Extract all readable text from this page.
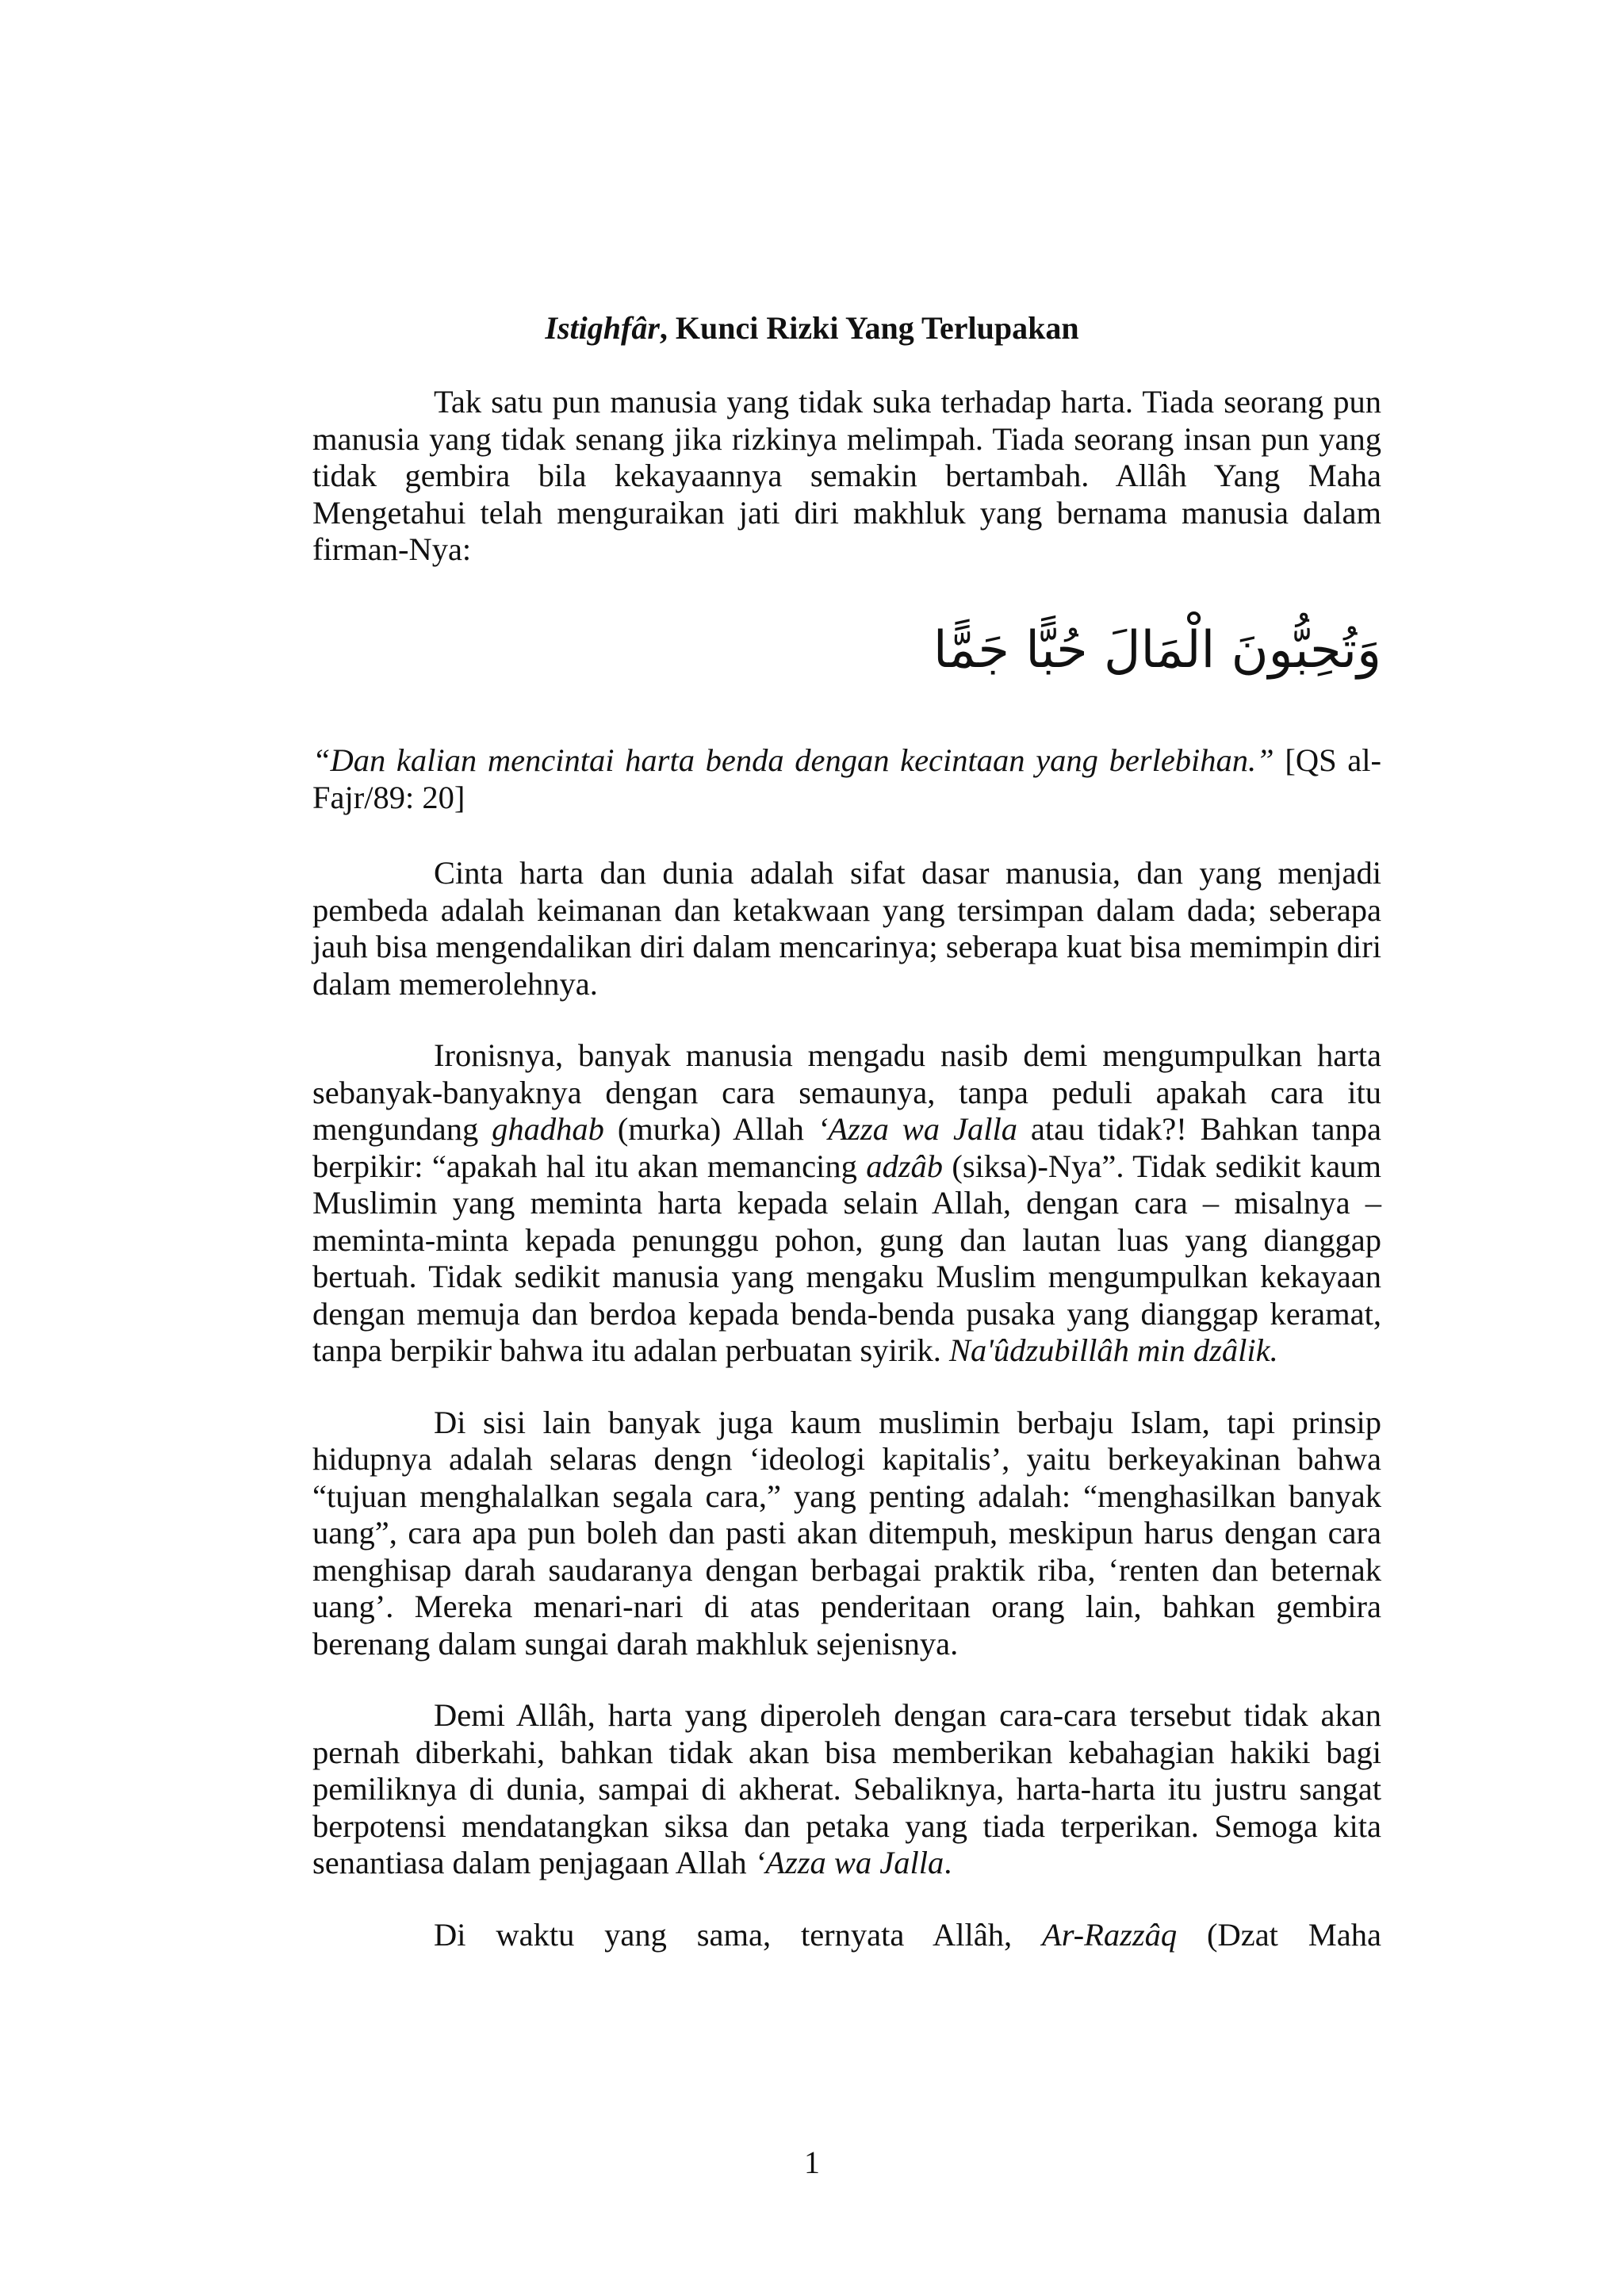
Istighfâr, Kunci Rizki Yang Terlupakan

Tak satu pun manusia yang tidak suka terhadap harta. Tiada seorang pun manusia yang tidak senang jika rizkinya melimpah. Tiada seorang insan pun yang tidak gembira bila kekayaannya semakin bertambah. Allâh Yang Maha Mengetahui telah menguraikan jati diri makhluk yang bernama manusia dalam firman-Nya:

وَتُحِبُّونَ الْمَالَ حُبًّا جَمًّا
“Dan kalian mencintai harta benda dengan kecintaan yang berlebihan.” [QS al-Fajr/89: 20]

Cinta harta dan dunia adalah sifat dasar manusia, dan yang menjadi pembeda adalah keimanan dan ketakwaan yang tersimpan dalam dada; seberapa jauh bisa mengendalikan diri dalam mencarinya; seberapa kuat bisa memimpin diri dalam memerolehnya.

Ironisnya, banyak manusia mengadu nasib demi mengumpulkan harta sebanyak-banyaknya dengan cara semaunya, tanpa peduli apakah cara itu mengundang ghadhab (murka) Allah ‘Azza wa Jalla atau tidak?! Bahkan tanpa berpikir: “apakah hal itu akan memancing adzâb (siksa)-Nya”. Tidak sedikit kaum Muslimin yang meminta harta kepada selain Allah, dengan cara – misalnya – meminta-minta kepada penunggu pohon, gung dan lautan luas yang dianggap bertuah. Tidak sedikit manusia yang mengaku Muslim mengumpulkan kekayaan dengan memuja dan berdoa kepada benda-benda pusaka yang dianggap keramat, tanpa berpikir bahwa itu adalan perbuatan syirik. Na'ûdzubillâh min dzâlik.

Di sisi lain banyak juga kaum muslimin berbaju Islam, tapi prinsip hidupnya adalah selaras dengn ‘ideologi kapitalis’, yaitu berkeyakinan bahwa “tujuan menghalalkan segala cara,” yang penting adalah: “menghasilkan banyak uang”, cara apa pun boleh dan pasti akan ditempuh, meskipun harus dengan cara menghisap darah saudaranya dengan berbagai praktik riba, ‘renten dan beternak uang’. Mereka menari-nari di atas penderitaan orang lain, bahkan gembira berenang dalam sungai darah makhluk sejenisnya.

Demi Allâh, harta yang diperoleh dengan cara-cara tersebut tidak akan pernah diberkahi, bahkan tidak akan bisa memberikan kebahagian hakiki bagi pemiliknya di dunia, sampai di akherat. Sebaliknya, harta-harta itu justru sangat berpotensi mendatangkan siksa dan petaka yang tiada terperikan. Semoga kita senantiasa dalam penjagaan Allah ‘Azza wa Jalla.

Di waktu yang sama, ternyata Allâh, Ar-Razzâq (Dzat Maha

1
